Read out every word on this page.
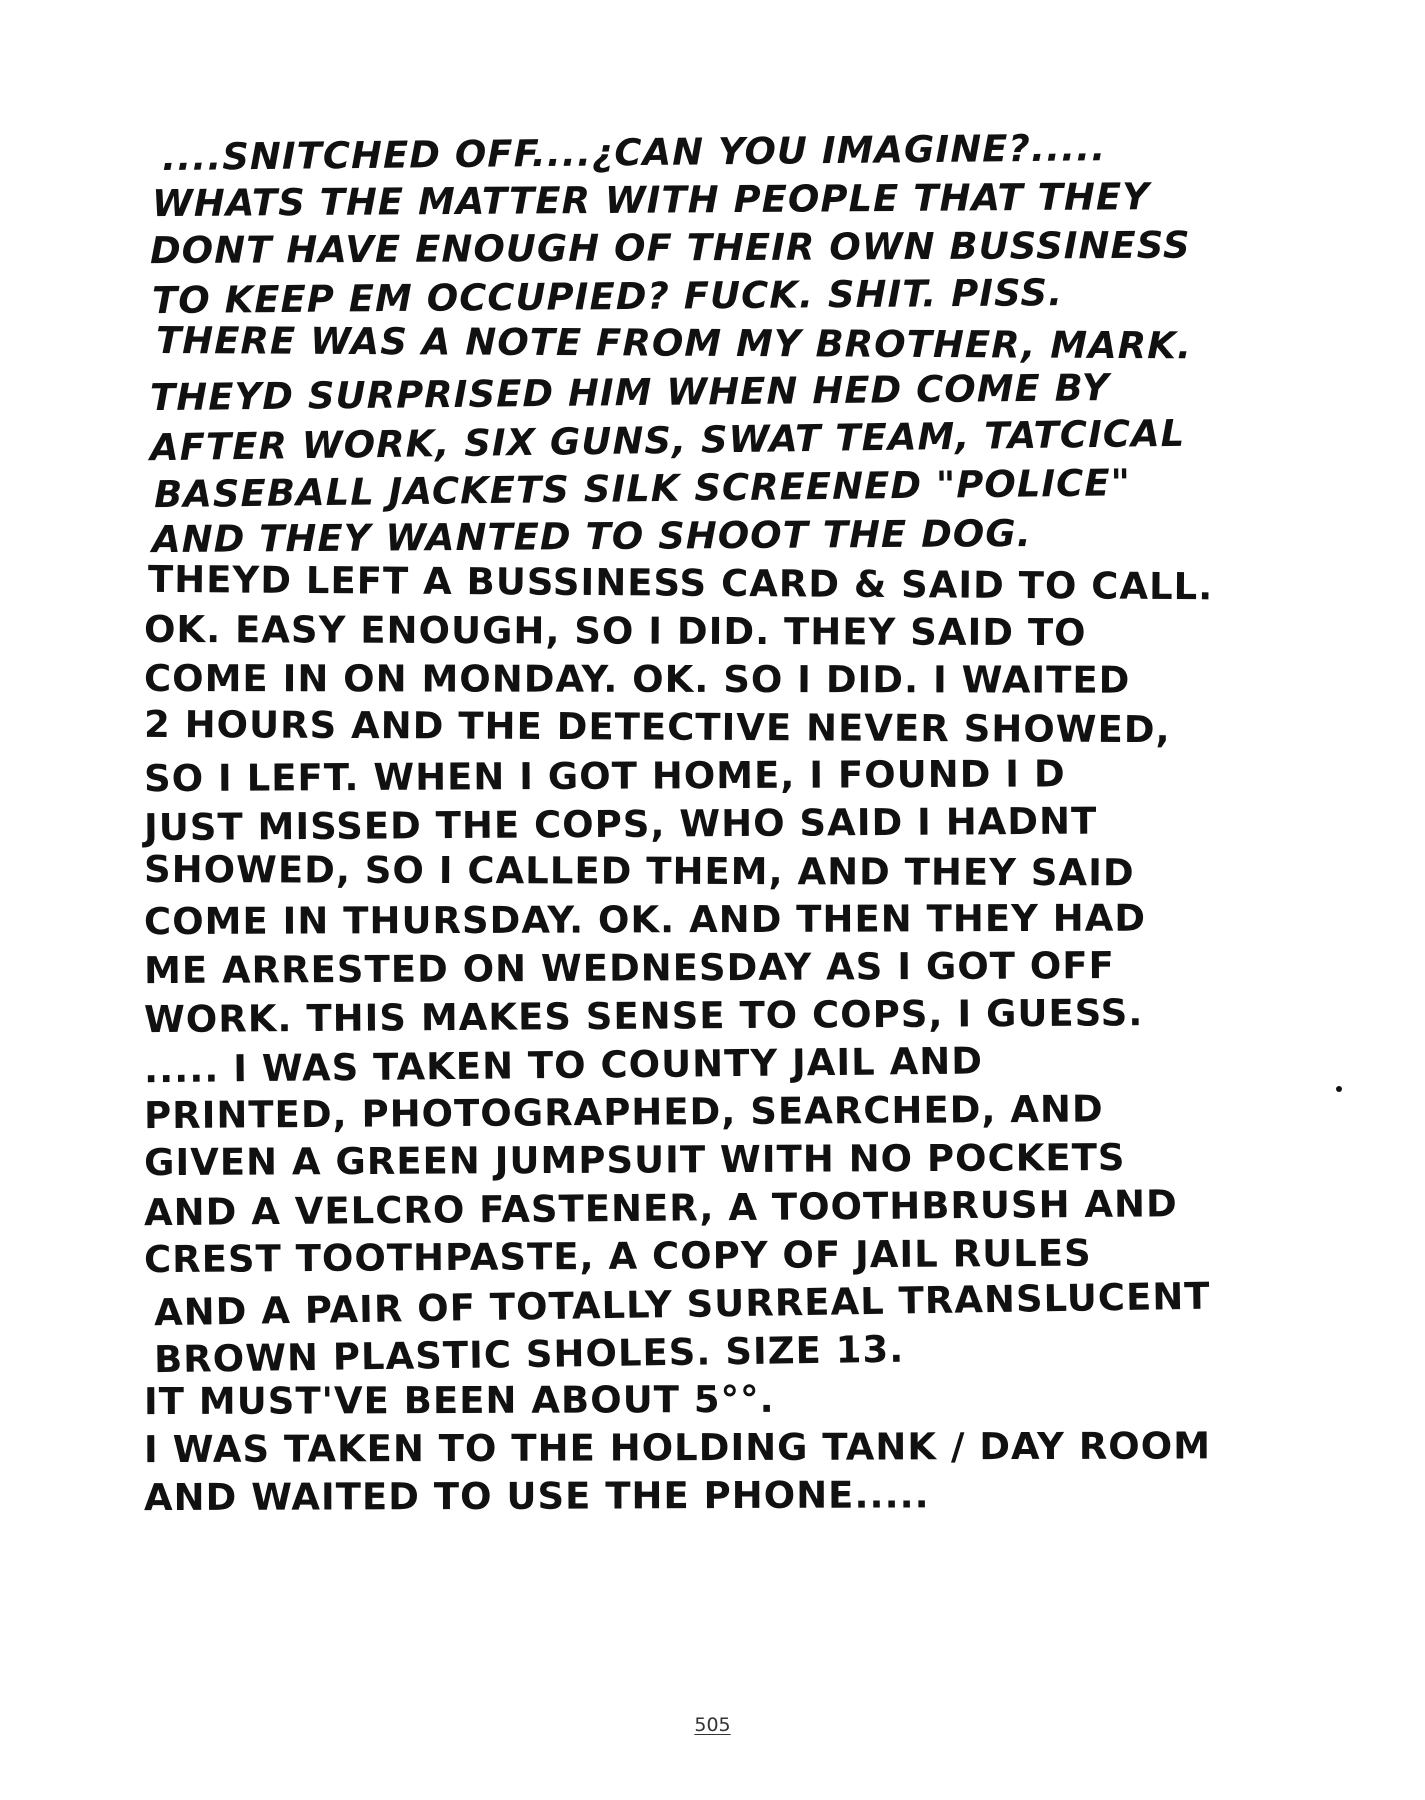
....SNITCHED OFF....¿CAN YOU IMAGINE?.....
WHATS THE MATTER WITH PEOPLE THAT THEY
DONT HAVE ENOUGH OF THEIR OWN BUSSINESS
TO KEEP EM OCCUPIED? FUCK. SHIT. PISS.
THERE WAS A NOTE FROM MY BROTHER, MARK.
THEYD SURPRISED HIM WHEN HED COME BY
AFTER WORK, SIX GUNS, SWAT TEAM, TATCICAL
BASEBALL JACKETS SILK SCREENED "POLICE"
AND THEY WANTED TO SHOOT THE DOG.
THEYD LEFT A BUSSINESS CARD & SAID TO CALL.
OK. EASY ENOUGH, SO I DID. THEY SAID TO
COME IN ON MONDAY. OK. SO I DID. I WAITED
2 HOURS AND THE DETECTIVE NEVER SHOWED,
SO I LEFT. WHEN I GOT HOME, I FOUND I D
JUST MISSED THE COPS, WHO SAID I HADNT
SHOWED, SO I CALLED THEM, AND THEY SAID
COME IN THURSDAY. OK. AND THEN THEY HAD
ME ARRESTED ON WEDNESDAY AS I GOT OFF
WORK. THIS MAKES SENSE TO COPS, I GUESS.
..... I WAS TAKEN TO COUNTY JAIL AND
PRINTED, PHOTOGRAPHED, SEARCHED, AND
GIVEN A GREEN JUMPSUIT WITH NO POCKETS
AND A VELCRO FASTENER, A TOOTHBRUSH AND
CREST TOOTHPASTE, A COPY OF JAIL RULES
AND A PAIR OF TOTALLY SURREAL TRANSLUCENT
BROWN PLASTIC SHOLES. SIZE 13.
IT MUST'VE BEEN ABOUT 5°°.
I WAS TAKEN TO THE HOLDING TANK / DAY ROOM
AND WAITED TO USE THE PHONE.....
505
